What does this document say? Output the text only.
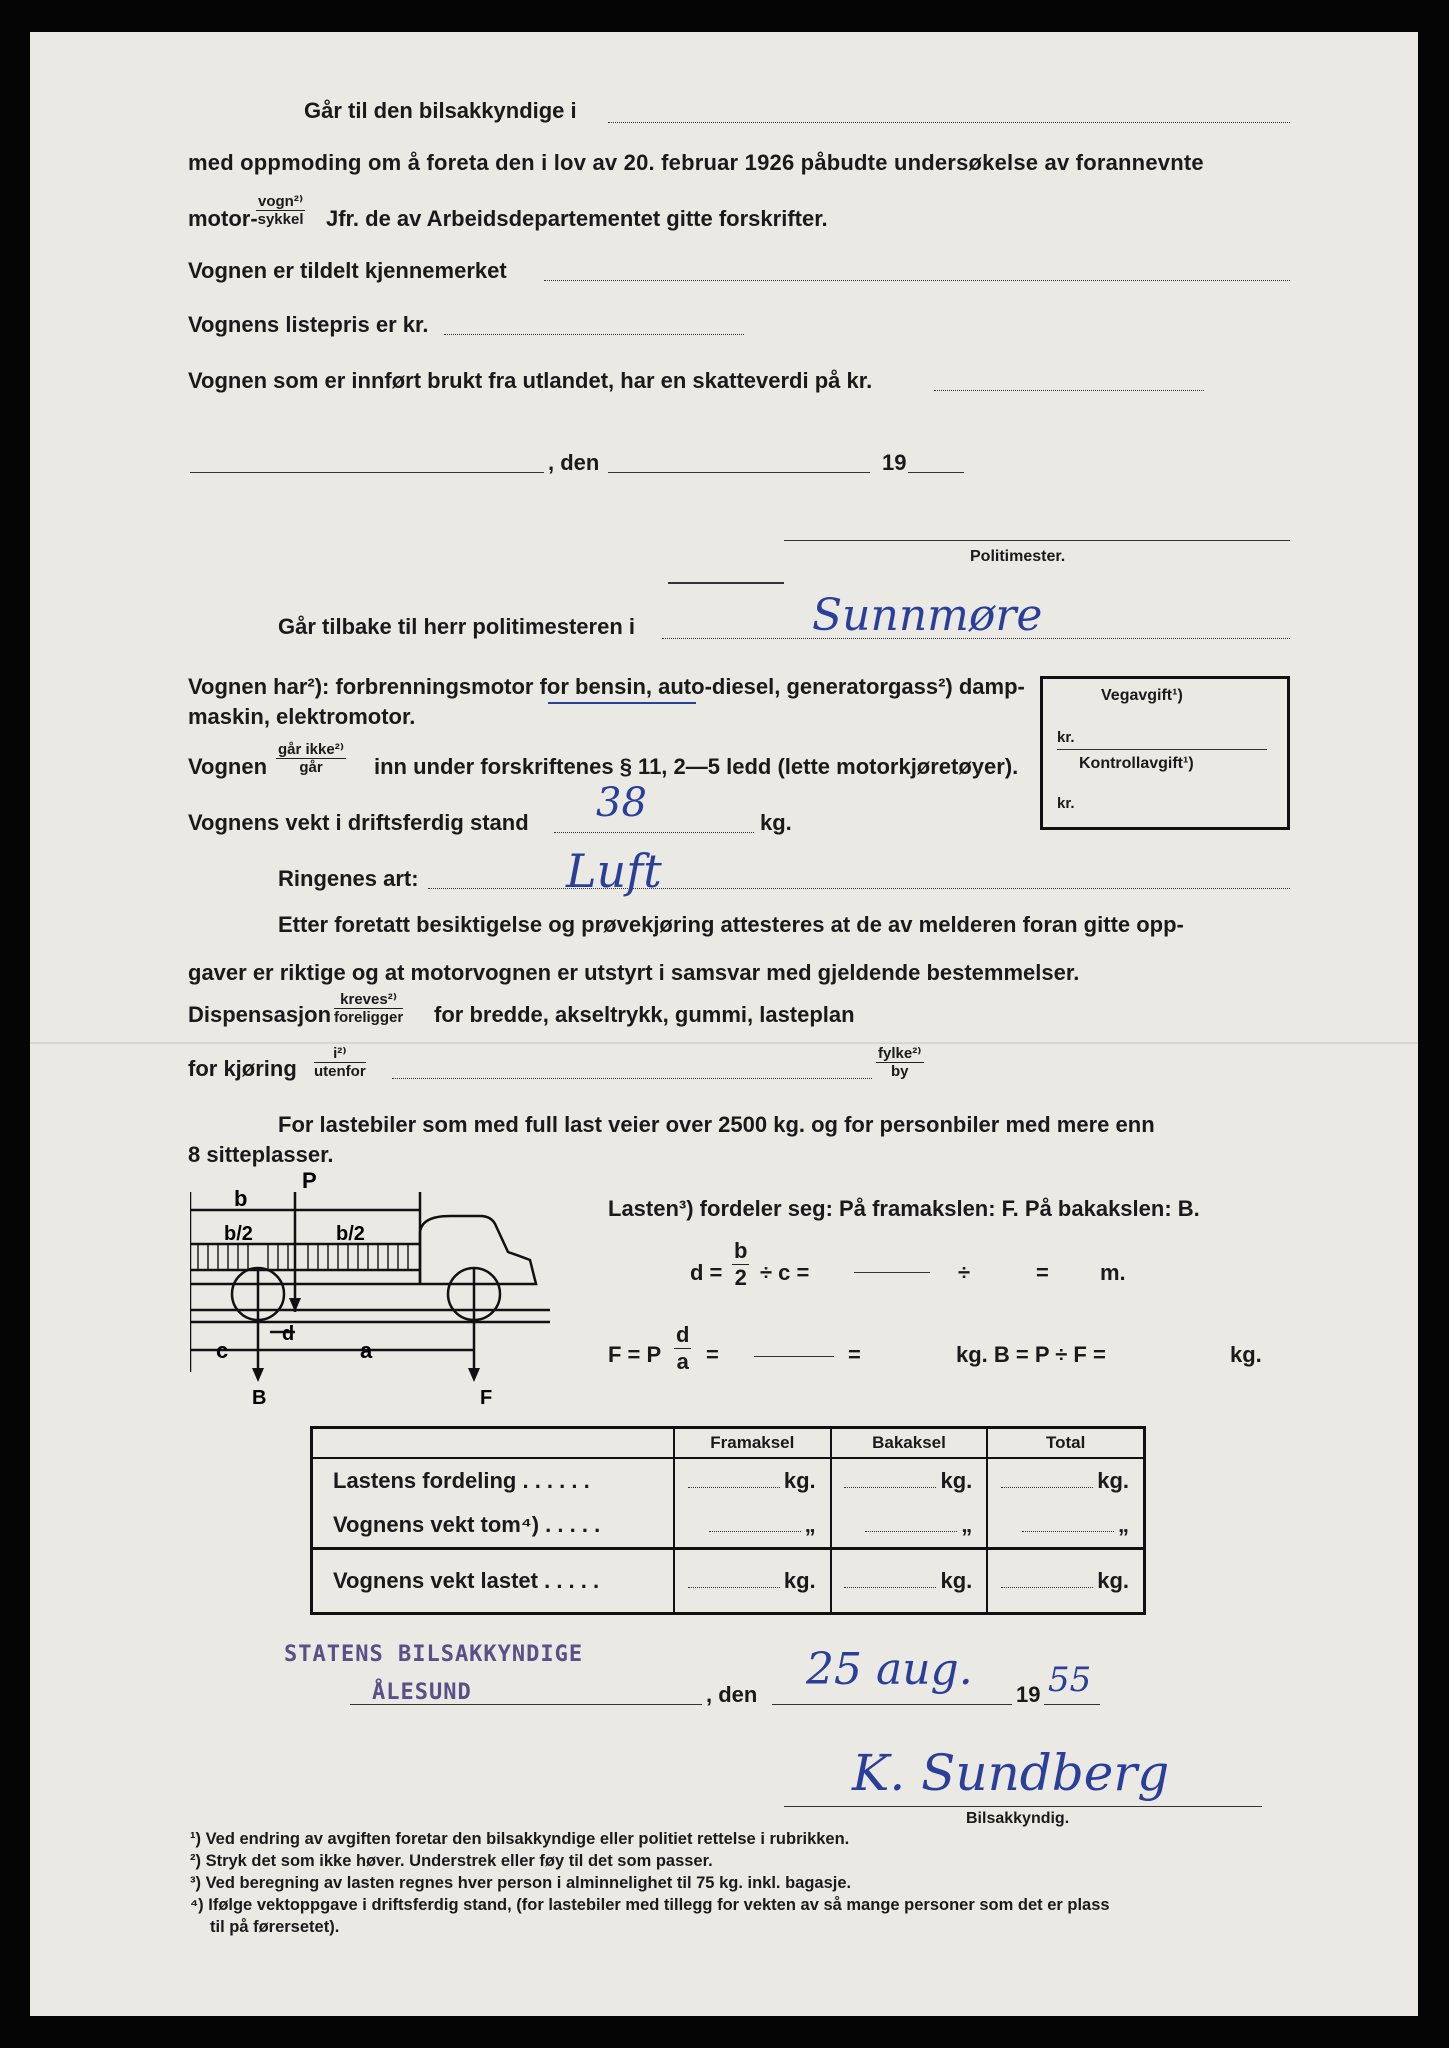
Går til den bilsakkyndige i
med oppmoding om å foreta den i lov av 20. februar 1926 påbudte undersøkelse av forannevnte
motor-
vogn²⁾
sykkel Jfr. de av Arbeidsdepartementet gitte forskrifter.
Vognen er tildelt kjennemerket
Vognens listepris er kr.
Vognen som er innført brukt fra utlandet, har en skatteverdi på kr.
, den	19
Politimester.
Går tilbake til herr politimesteren i	Sunnmøre
Vognen har²): forbrenningsmotor for bensin, auto-diesel, generatorgass²) damp-
maskin, elektromotor.
Vegavgift¹)
kr.
Kontrollavgift¹)
kr.
Vognen
går ikke²⁾
går	inn under forskriftenes § 11, 2—5 ledd (lette motorkjøretøyer).
Vognens vekt i driftsferdig stand	kg.
38
Ringenes art:	Luft
Etter foretatt besiktigelse og prøvekjøring attesteres at de av melderen foran gitte opp-
gaver er riktige og at motorvognen er utstyrt i samsvar med gjeldende bestemmelser.
Dispensasjon
kreves²⁾
foreligger for bredde, akseltrykk, gummi, lasteplan
for kjøring
i²⁾
utenfor
fylke²⁾
by
For lastebiler som med full last veier over 2500 kg. og for personbiler med mere enn
8 sitteplasser.
P
b
b/2	b/2
d
c	a
B	F
Lasten³) fordeler seg: På framakslen: F. På bakakslen: B.
$d = \frac{b}{2} \div c$ =	÷	= m.
F = P $\frac{d}{a}$ =	=	kg. B = P ÷ F =	kg.
	Framaksel	Bakaksel	Total
Lastens fordeling . . . . . .	kg.	kg.	kg.
Vognens vekt tom⁴) . . . . .	„	„	„
Vognens vekt lastet . . . . .	kg.	kg.	kg.
STATENS BILSAKKYNDIGE
ÅLESUND	, den 25 aug. 19 55
K. Sundberg
Bilsakkyndig.
¹) Ved endring av avgiften foretar den bilsakkyndige eller politiet rettelse i rubrikken.
²) Stryk det som ikke høver. Understrek eller føy til det som passer.
³) Ved beregning av lasten regnes hver person i alminnelighet til 75 kg. inkl. bagasje.
⁴) Ifølge vektoppgave i driftsferdig stand, (for lastebiler med tillegg for vekten av så mange personer som det er plass
til på førersetet).
